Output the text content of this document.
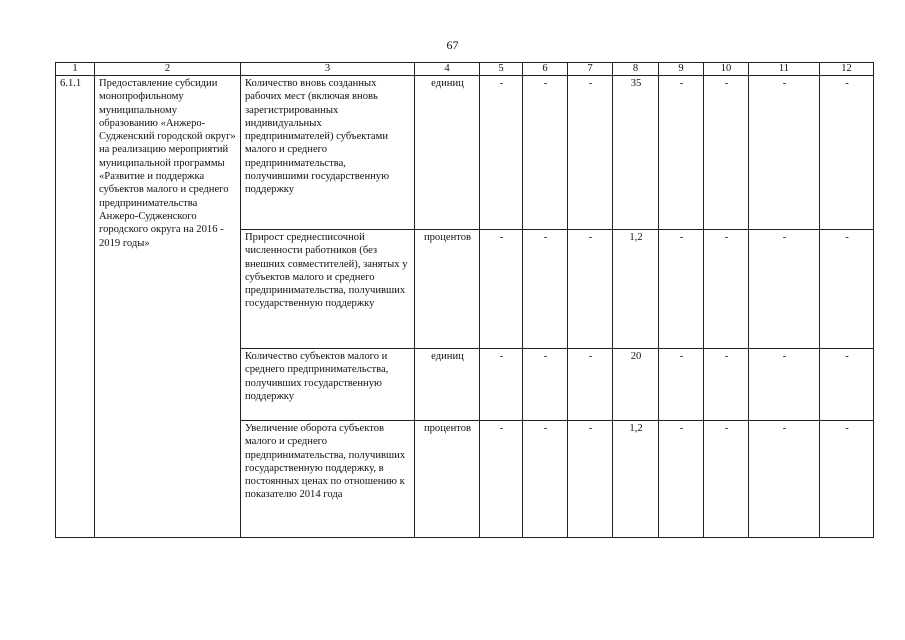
67
1	2	3	4	5	6	7	8	9	10	11	12
6.1.1	Предоставление субсидии монопрофильному муниципальному образованию «Анжеро-Судженский городской округ» на реализацию мероприятий муниципальной программы «Развитие и поддержка субъектов малого и среднего предпринимательства Анжеро-Судженского городского округа на 2016 - 2019 годы»	Количество вновь созданных рабочих мест (включая вновь зарегистрированных индивидуальных предпринимателей) субъектами малого и среднего предпринимательства, получившими государственную поддержку	единиц	-	-	-	35	-	-	-	-
		Прирост среднесписочной численности работников (без внешних совместителей), занятых у субъектов малого и среднего предпринимательства, получивших государственную поддержку	процентов	-	-	-	1,2	-	-	-	-
		Количество субъектов малого и среднего предпринимательства, получивших государственную поддержку	единиц	-	-	-	20	-	-	-	-
		Увеличение оборота субъектов малого и среднего предпринимательства, получивших государственную поддержку, в постоянных ценах по отношению к показателю 2014 года	процентов	-	-	-	1,2	-	-	-	-
